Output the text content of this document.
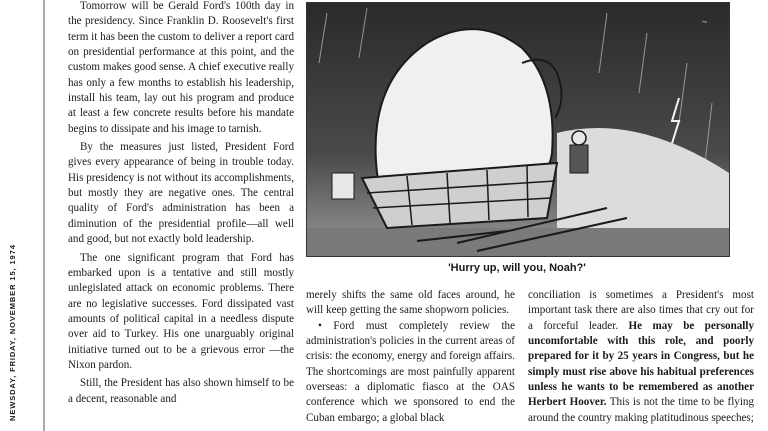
NEWSDAY, FRIDAY, NOVEMBER 15, 1974

Tomorrow will be Gerald Ford's 100th day in the presidency. Since Franklin D. Roosevelt's first term it has been the custom to deliver a report card on presidential performance at this point, and the custom makes good sense. A chief executive really has only a few months to establish his leadership, install his team, lay out his program and produce at least a few concrete results before his mandate begins to dissipate and his image to tarnish.

By the measures just listed, President Ford gives every appearance of being in trouble today. His presidency is not without its accomplishments, but mostly they are negative ones. The central quality of Ford's administration has been a diminution of the presidential profile—all well and good, but not exactly bold leadership.

The one significant program that Ford has embarked upon is a tentative and still mostly unlegislated attack on economic problems. There are no legislative successes. Ford dissipated vast amounts of political capital in a needless dispute over aid to Turkey. His one unarguably original initiative turned out to be a grievous error —the Nixon pardon.

Still, the President has also shown himself to be a decent, reasonable and

~
'Hurry up, will you, Noah?'

merely shifts the same old faces around, he will keep getting the same shopworn policies.

• Ford must completely review the administration's policies in the current areas of crisis: the economy, energy and foreign affairs. The shortcomings are most painfully apparent overseas: a diplomatic fiasco at the OAS conference which we sponsored to end the Cuban embargo; a global black

conciliation is sometimes a President's most important task there are also times that cry out for a forceful leader. He may be personally uncomfortable with this role, and poorly prepared for it by 25 years in Congress, but he simply must rise above his habitual preferences unless he wants to be remembered as another Herbert Hoover. This is not the time to be flying around the country making platitudinous speeches;
